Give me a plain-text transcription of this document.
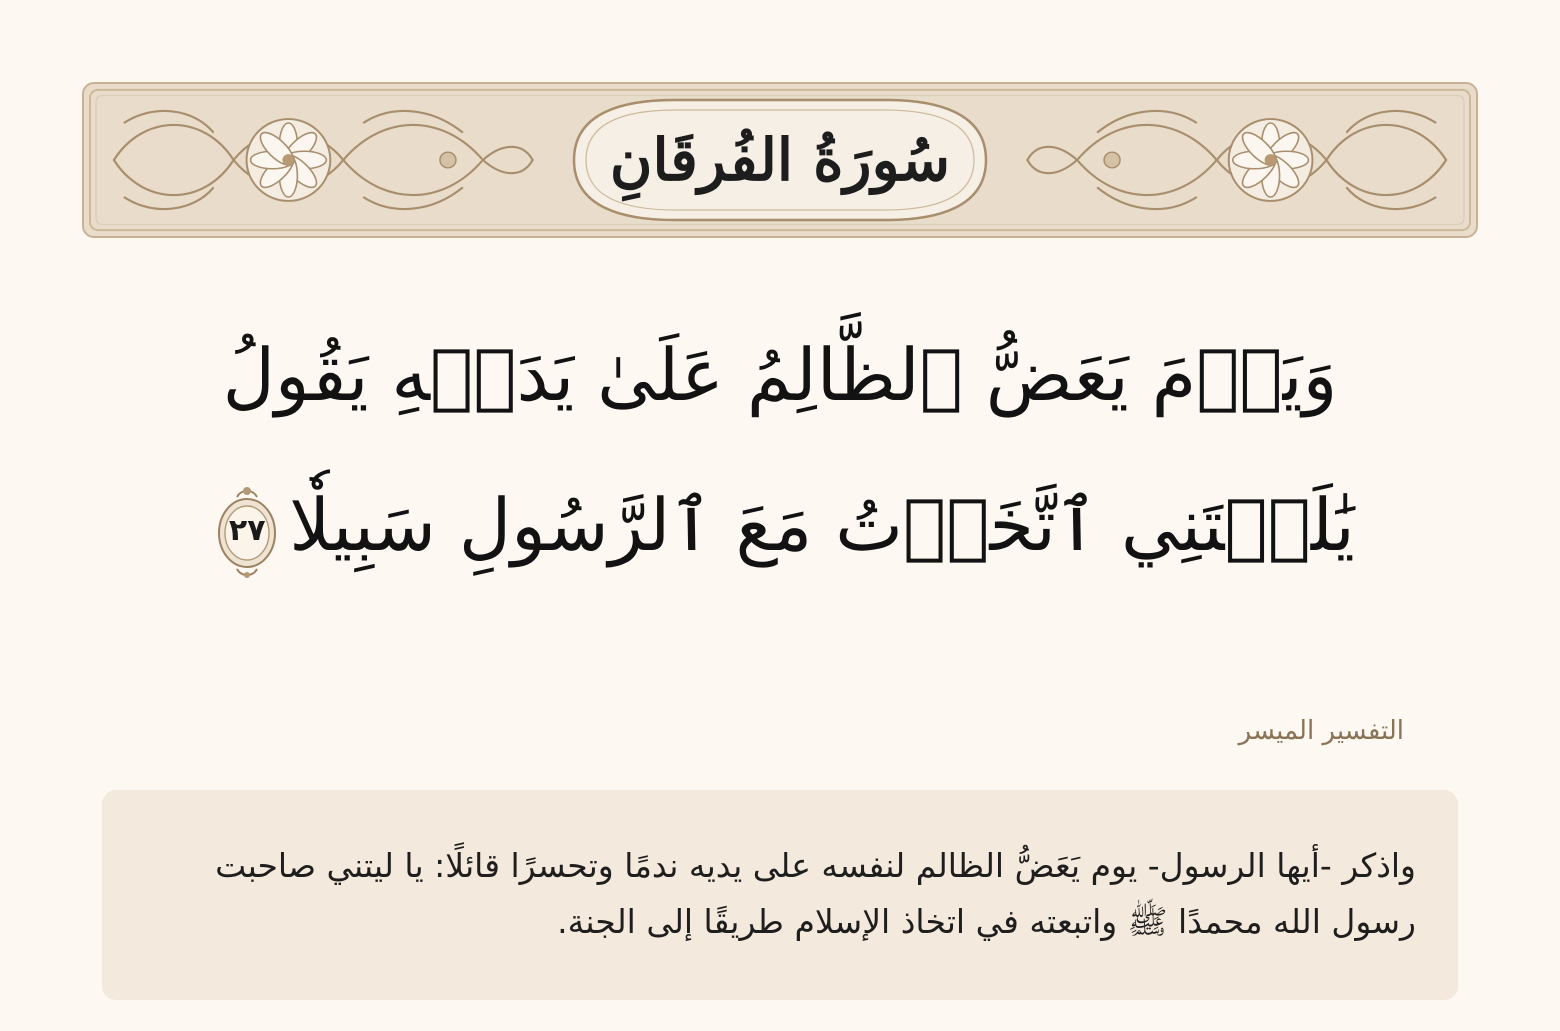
سُورَةُ الفُرقَانِ
وَيَوۡمَ يَعَضُّ ٱلظَّالِمُ عَلَىٰ يَدَيۡهِ يَقُولُ
يَٰلَيۡتَنِي ٱتَّخَذۡتُ مَعَ ٱلرَّسُولِ سَبِيلٗا
٢٧
التفسير الميسر
واذكر -أيها الرسول- يوم يَعَضُّ الظالم لنفسه على يديه ندمًا وتحسرًا قائلًا: يا ليتني صاحبت رسول الله محمدًا ﷺ واتبعته في اتخاذ الإسلام طريقًا إلى الجنة.
